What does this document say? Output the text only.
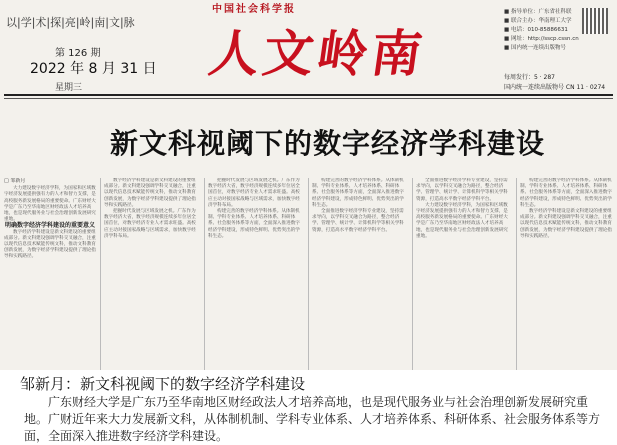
中国社会科学报
以|学|术|探|亮|岭|南|文|脉
第 126 期
2022 年 8 月 31 日
星期三
人文岭南
■ 指导单位：广东省社科联
■ 联合主办：华南理工大学
■ 电话：010-85886631
■ 网址：http://sscp.cssn.cn
■ 国内统一连续出版物号
每周发行：5 · 287
国内统一连续出版物号 CN 11 · 0274
新文科视阈下的数字经济学科建设
□ 邹新月

大力建设数字经济学科，为国家和区域数字经济发展提供强有力的人才和智力支撑，是高校服务新发展格局的重要使命。广东财经大学是广东乃至华南地区财经政法人才培养高地，也是现代服务业与社会治理创新发展研究重地。

明确数字经济学科建设的重要意义

数字经济学科建设是新文科建设的重要组成部分。新文科建设强调学科交叉融合，注重以现代信息技术赋能传统文科，推动文科教育创新发展，为数字经济学科建设提供了理论指导和实践路径。

数字经济学科建设是新文科建设的重要组成部分。新文科建设强调学科交叉融合，注重以现代信息技术赋能传统文科，推动文科教育创新发展，为数字经济学科建设提供了理论指导和实践路径。

把握时代发展与区域发展之机。广东作为数字经济大省，数字经济规模连续多年位居全国首位，对数字经济专业人才需求旺盛。高校应主动对接国家战略与区域需求，加快数字经济学科布局。

把握时代发展与区域发展之机。广东作为数字经济大省，数字经济规模连续多年位居全国首位，对数字经济专业人才需求旺盛。高校应主动对接国家战略与区域需求，加快数字经济学科布局。

构建完善的数字经济学科体系。从体制机制、学科专业体系、人才培养体系、科研体系、社会服务体系等方面，全面深入推进数字经济学科建设，形成特色鲜明、优势突出的学科生态。

构建完善的数字经济学科体系。从体制机制、学科专业体系、人才培养体系、科研体系、社会服务体系等方面，全面深入推进数字经济学科建设，形成特色鲜明、优势突出的学科生态。

全面推进数字经济学科专业建设，坚持需求导向，以学科交叉融合为路径，整合经济学、管理学、统计学、计算机科学等相关学科资源，打造高水平数字经济学科平台。

全面推进数字经济学科专业建设，坚持需求导向，以学科交叉融合为路径，整合经济学、管理学、统计学、计算机科学等相关学科资源，打造高水平数字经济学科平台。

大力建设数字经济学科，为国家和区域数字经济发展提供强有力的人才和智力支撑，是高校服务新发展格局的重要使命。广东财经大学是广东乃至华南地区财经政法人才培养高地，也是现代服务业与社会治理创新发展研究重地。

构建完善的数字经济学科体系。从体制机制、学科专业体系、人才培养体系、科研体系、社会服务体系等方面，全面深入推进数字经济学科建设，形成特色鲜明、优势突出的学科生态。

数字经济学科建设是新文科建设的重要组成部分。新文科建设强调学科交叉融合，注重以现代信息技术赋能传统文科，推动文科教育创新发展，为数字经济学科建设提供了理论指导和实践路径。

邹新月：新文科视阈下的数字经济学科建设
广东财经大学是广东乃至华南地区财经政法人才培养高地，也是现代服务业与社会治理创新发展研究重地。广财近年来大力发展新文科，从体制机制、学科专业体系、人才培养体系、科研体系、社会服务体系等方面，全面深入推进数字经济学科建设。
